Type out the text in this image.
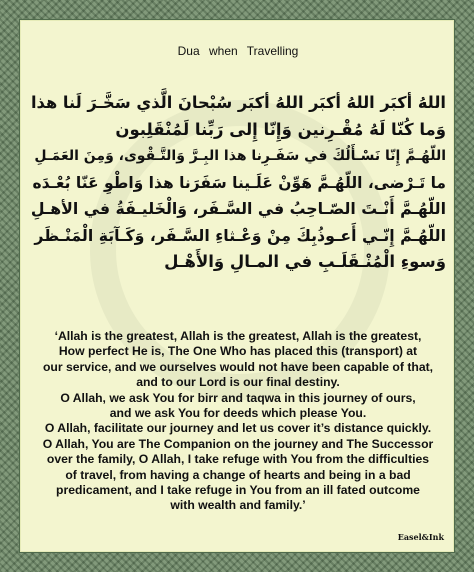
Dua when Travelling
اللهُ أكبَر اللهُ أكبَر اللهُ أكبَر سُبْحانَ الَّذي سَخَّـرَ لَنا هذا
وَما كُنّا لَهُ مُقْـرِنين وَإِنّا إِلى رَبِّنا لَمُنْقَلِبون
اللّهُـمَّ إِنّا نَسْـأَلُكَ في سَفَـرِنا هذا البِـرَّ وَالتَّـقْوى، وَمِنَ العَمَـلِ
ما تَـرْضى، اللّهُـمَّ هَوِّنْ عَلَـينا سَفَرَنا هذا وَاطْوِ عَنّا بُعْـدَه
اللّهُـمَّ أَنْـتَ الصّـاحِبُ في السَّـفَر، وَالْخَليـفَةُ في الأهـلِ
اللّهُـمَّ إِنّـي أَعـوذُبِكَ مِنْ وَعْـثاءِ السَّـفَر، وَكَـآبَةِ الْمَنْـظَر
وَسوءِ الْمُنْـقَلَـبِ في المـالِ وَالأَهْـل
‘Allah is the greatest, Allah is the greatest, Allah is the greatest,
How perfect He is, The One Who has placed this (transport) at
our service, and we ourselves would not have been capable of that,
and to our Lord is our final destiny.
O Allah, we ask You for birr and taqwa in this journey of ours,
and we ask You for deeds which please You.
O Allah, facilitate our journey and let us cover it’s distance quickly.
O Allah, You are The Companion on the journey and The Successor
over the family, O Allah, I take refuge with You from the difficulties
of travel, from having a change of hearts and being in a bad
predicament, and I take refuge in You from an ill fated outcome
with wealth and family.’
Easel&Ink
